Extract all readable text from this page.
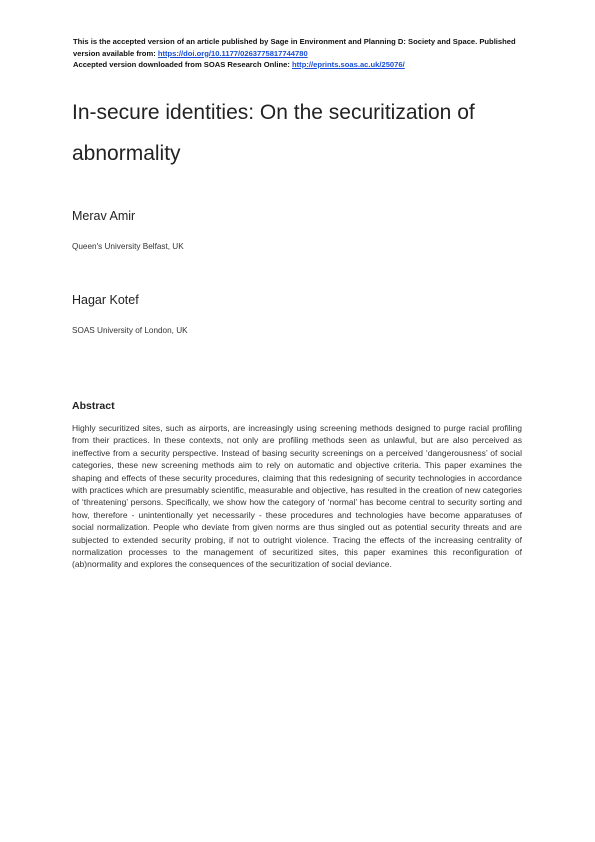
This is the accepted version of an article published by Sage in Environment and Planning D: Society and Space. Published version available from: https://doi.org/10.1177/0263775817744780
Accepted version downloaded from SOAS Research Online: http://eprints.soas.ac.uk/25076/
In-secure identities: On the securitization of abnormality
Merav Amir
Queen's University Belfast, UK
Hagar Kotef
SOAS University of London, UK
Abstract

Highly securitized sites, such as airports, are increasingly using screening methods designed to purge racial profiling from their practices. In these contexts, not only are profiling methods seen as unlawful, but are also perceived as ineffective from a security perspective. Instead of basing security screenings on a perceived ‘dangerousness’ of social categories, these new screening methods aim to rely on automatic and objective criteria. This paper examines the shaping and effects of these security procedures, claiming that this redesigning of security technologies in accordance with practices which are presumably scientific, measurable and objective, has resulted in the creation of new categories of ‘threatening’ persons. Specifically, we show how the category of ‘normal’ has become central to security sorting and how, therefore - unintentionally yet necessarily - these procedures and technologies have become apparatuses of social normalization. People who deviate from given norms are thus singled out as potential security threats and are subjected to extended security probing, if not to outright violence. Tracing the effects of the increasing centrality of normalization processes to the management of securitized sites, this paper examines this reconfiguration of (ab)normality and explores the consequences of the securitization of social deviance.
